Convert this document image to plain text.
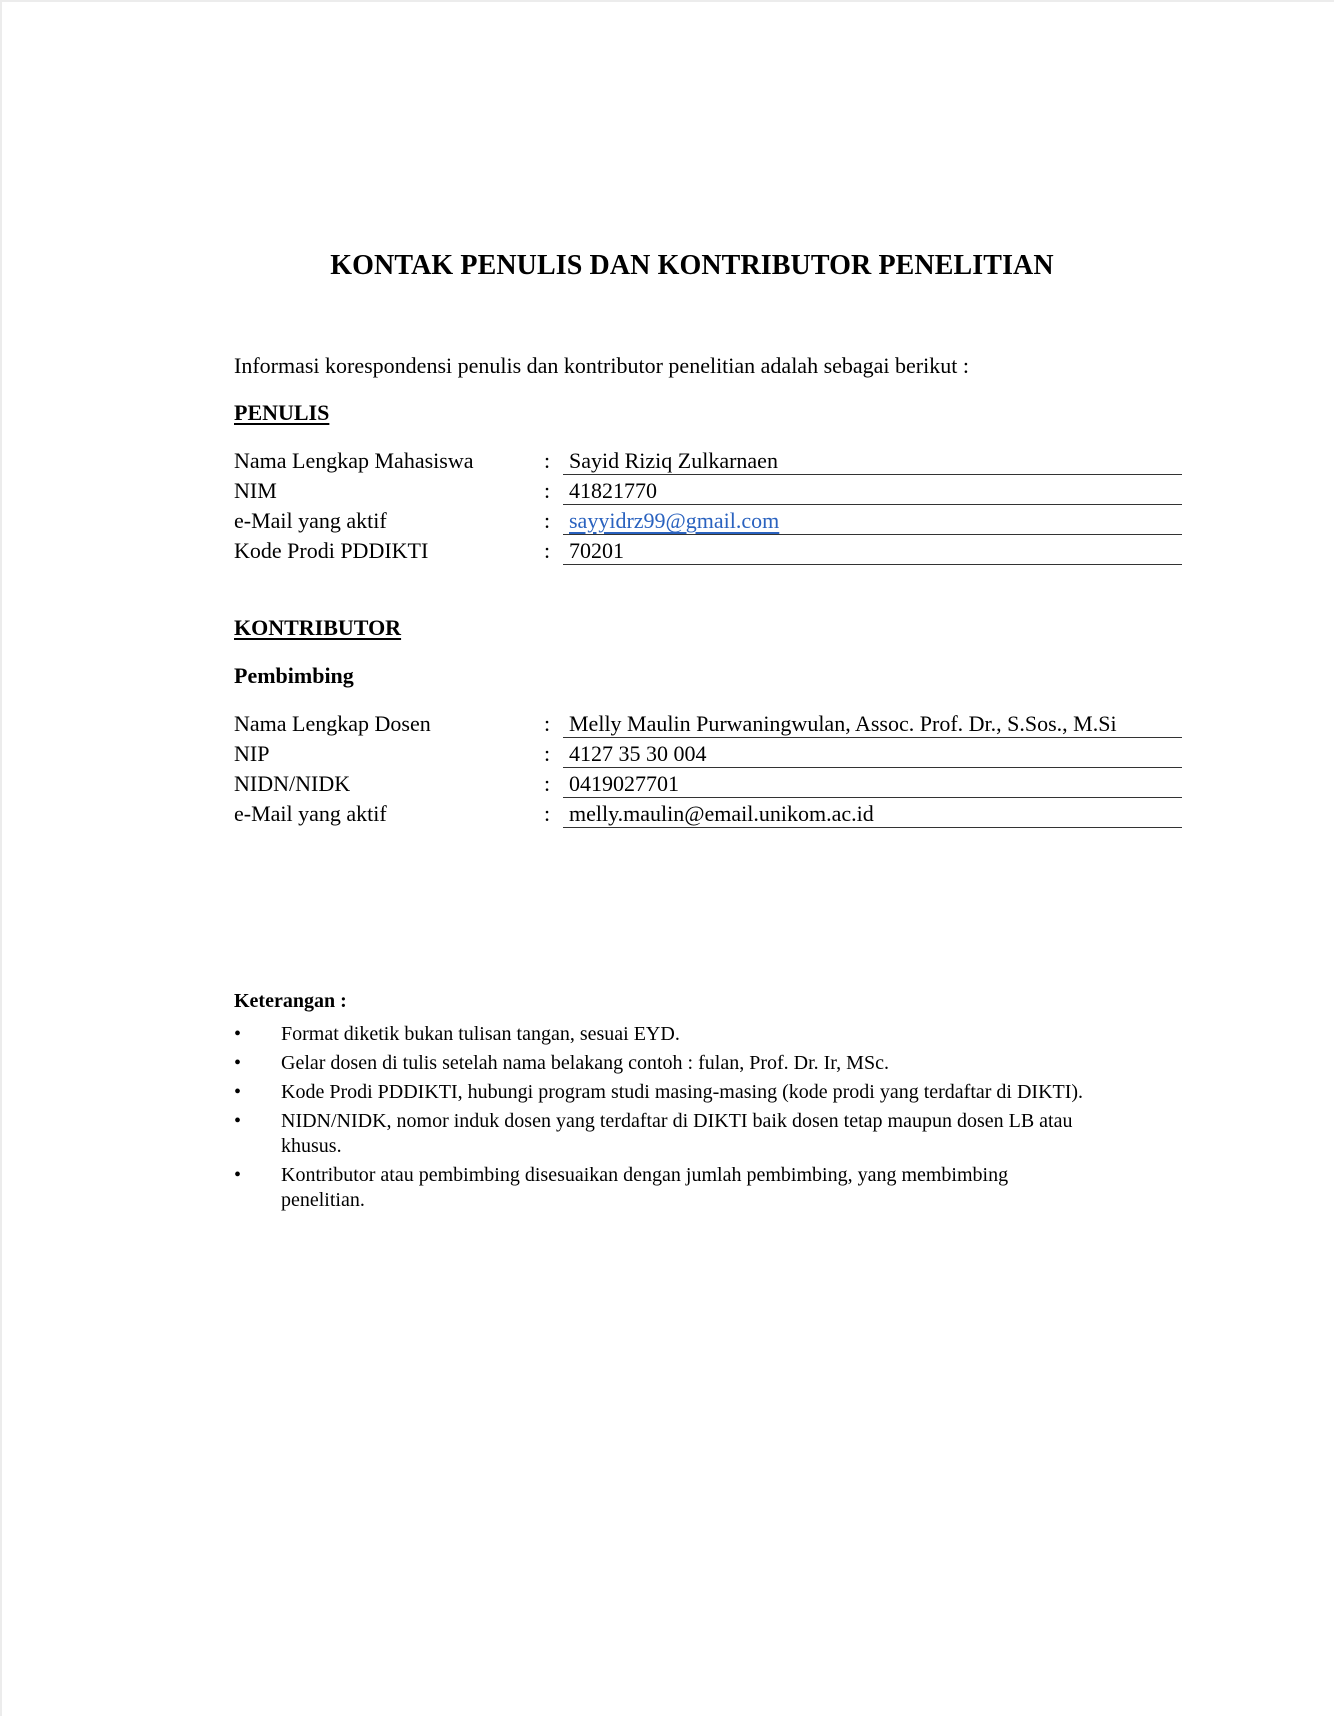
KONTAK PENULIS DAN KONTRIBUTOR PENELITIAN
Informasi korespondensi penulis dan kontributor penelitian adalah sebagai berikut :
PENULIS
Nama Lengkap Mahasiswa	: Sayid Riziq Zulkarnaen
NIM	: 41821770
e-Mail yang aktif	: sayyidrz99@gmail.com
Kode Prodi PDDIKTI	: 70201
KONTRIBUTOR
Pembimbing
Nama Lengkap Dosen	: Melly Maulin Purwaningwulan, Assoc. Prof. Dr., S.Sos., M.Si
NIP	: 4127 35 30 004
NIDN/NIDK	: 0419027701
e-Mail yang aktif	: melly.maulin@email.unikom.ac.id
Keterangan :
• Format diketik bukan tulisan tangan, sesuai EYD.
• Gelar dosen di tulis setelah nama belakang contoh : fulan, Prof. Dr. Ir, MSc.
• Kode Prodi PDDIKTI, hubungi program studi masing-masing (kode prodi yang terdaftar di DIKTI).
• NIDN/NIDK, nomor induk dosen yang terdaftar di DIKTI baik dosen tetap maupun dosen LB atau khusus.
• Kontributor atau pembimbing disesuaikan dengan jumlah pembimbing, yang membimbing penelitian.
